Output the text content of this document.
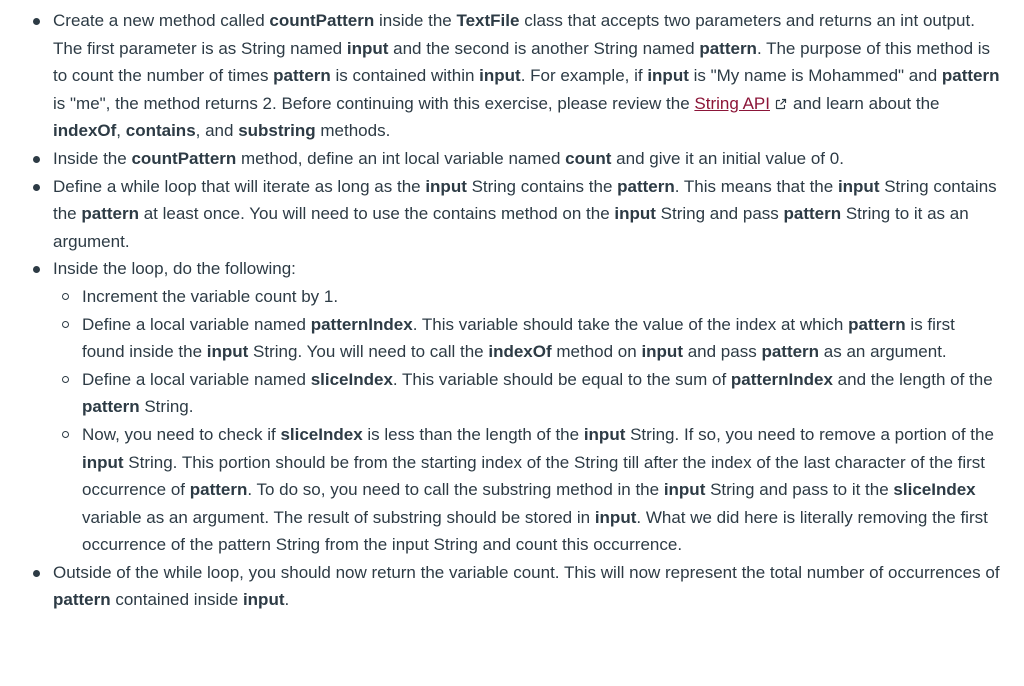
Create a new method called countPattern inside the TextFile class that accepts two parameters and returns an int output. The first parameter is as String named input and the second is another String named pattern. The purpose of this method is to count the number of times pattern is contained within input. For example, if input is "My name is Mohammed" and pattern is "me", the method returns 2. Before continuing with this exercise, please review the String API and learn about the indexOf, contains, and substring methods.
Inside the countPattern method, define an int local variable named count and give it an initial value of 0.
Define a while loop that will iterate as long as the input String contains the pattern. This means that the input String contains the pattern at least once. You will need to use the contains method on the input String and pass pattern String to it as an argument.
Inside the loop, do the following:
Increment the variable count by 1.
Define a local variable named patternIndex. This variable should take the value of the index at which pattern is first found inside the input String. You will need to call the indexOf method on input and pass pattern as an argument.
Define a local variable named sliceIndex. This variable should be equal to the sum of patternIndex and the length of the pattern String.
Now, you need to check if sliceIndex is less than the length of the input String. If so, you need to remove a portion of the input String. This portion should be from the starting index of the String till after the index of the last character of the first occurrence of pattern. To do so, you need to call the substring method in the input String and pass to it the sliceIndex variable as an argument. The result of substring should be stored in input. What we did here is literally removing the first occurrence of the pattern String from the input String and count this occurrence.
Outside of the while loop, you should now return the variable count. This will now represent the total number of occurrences of pattern contained inside input.
